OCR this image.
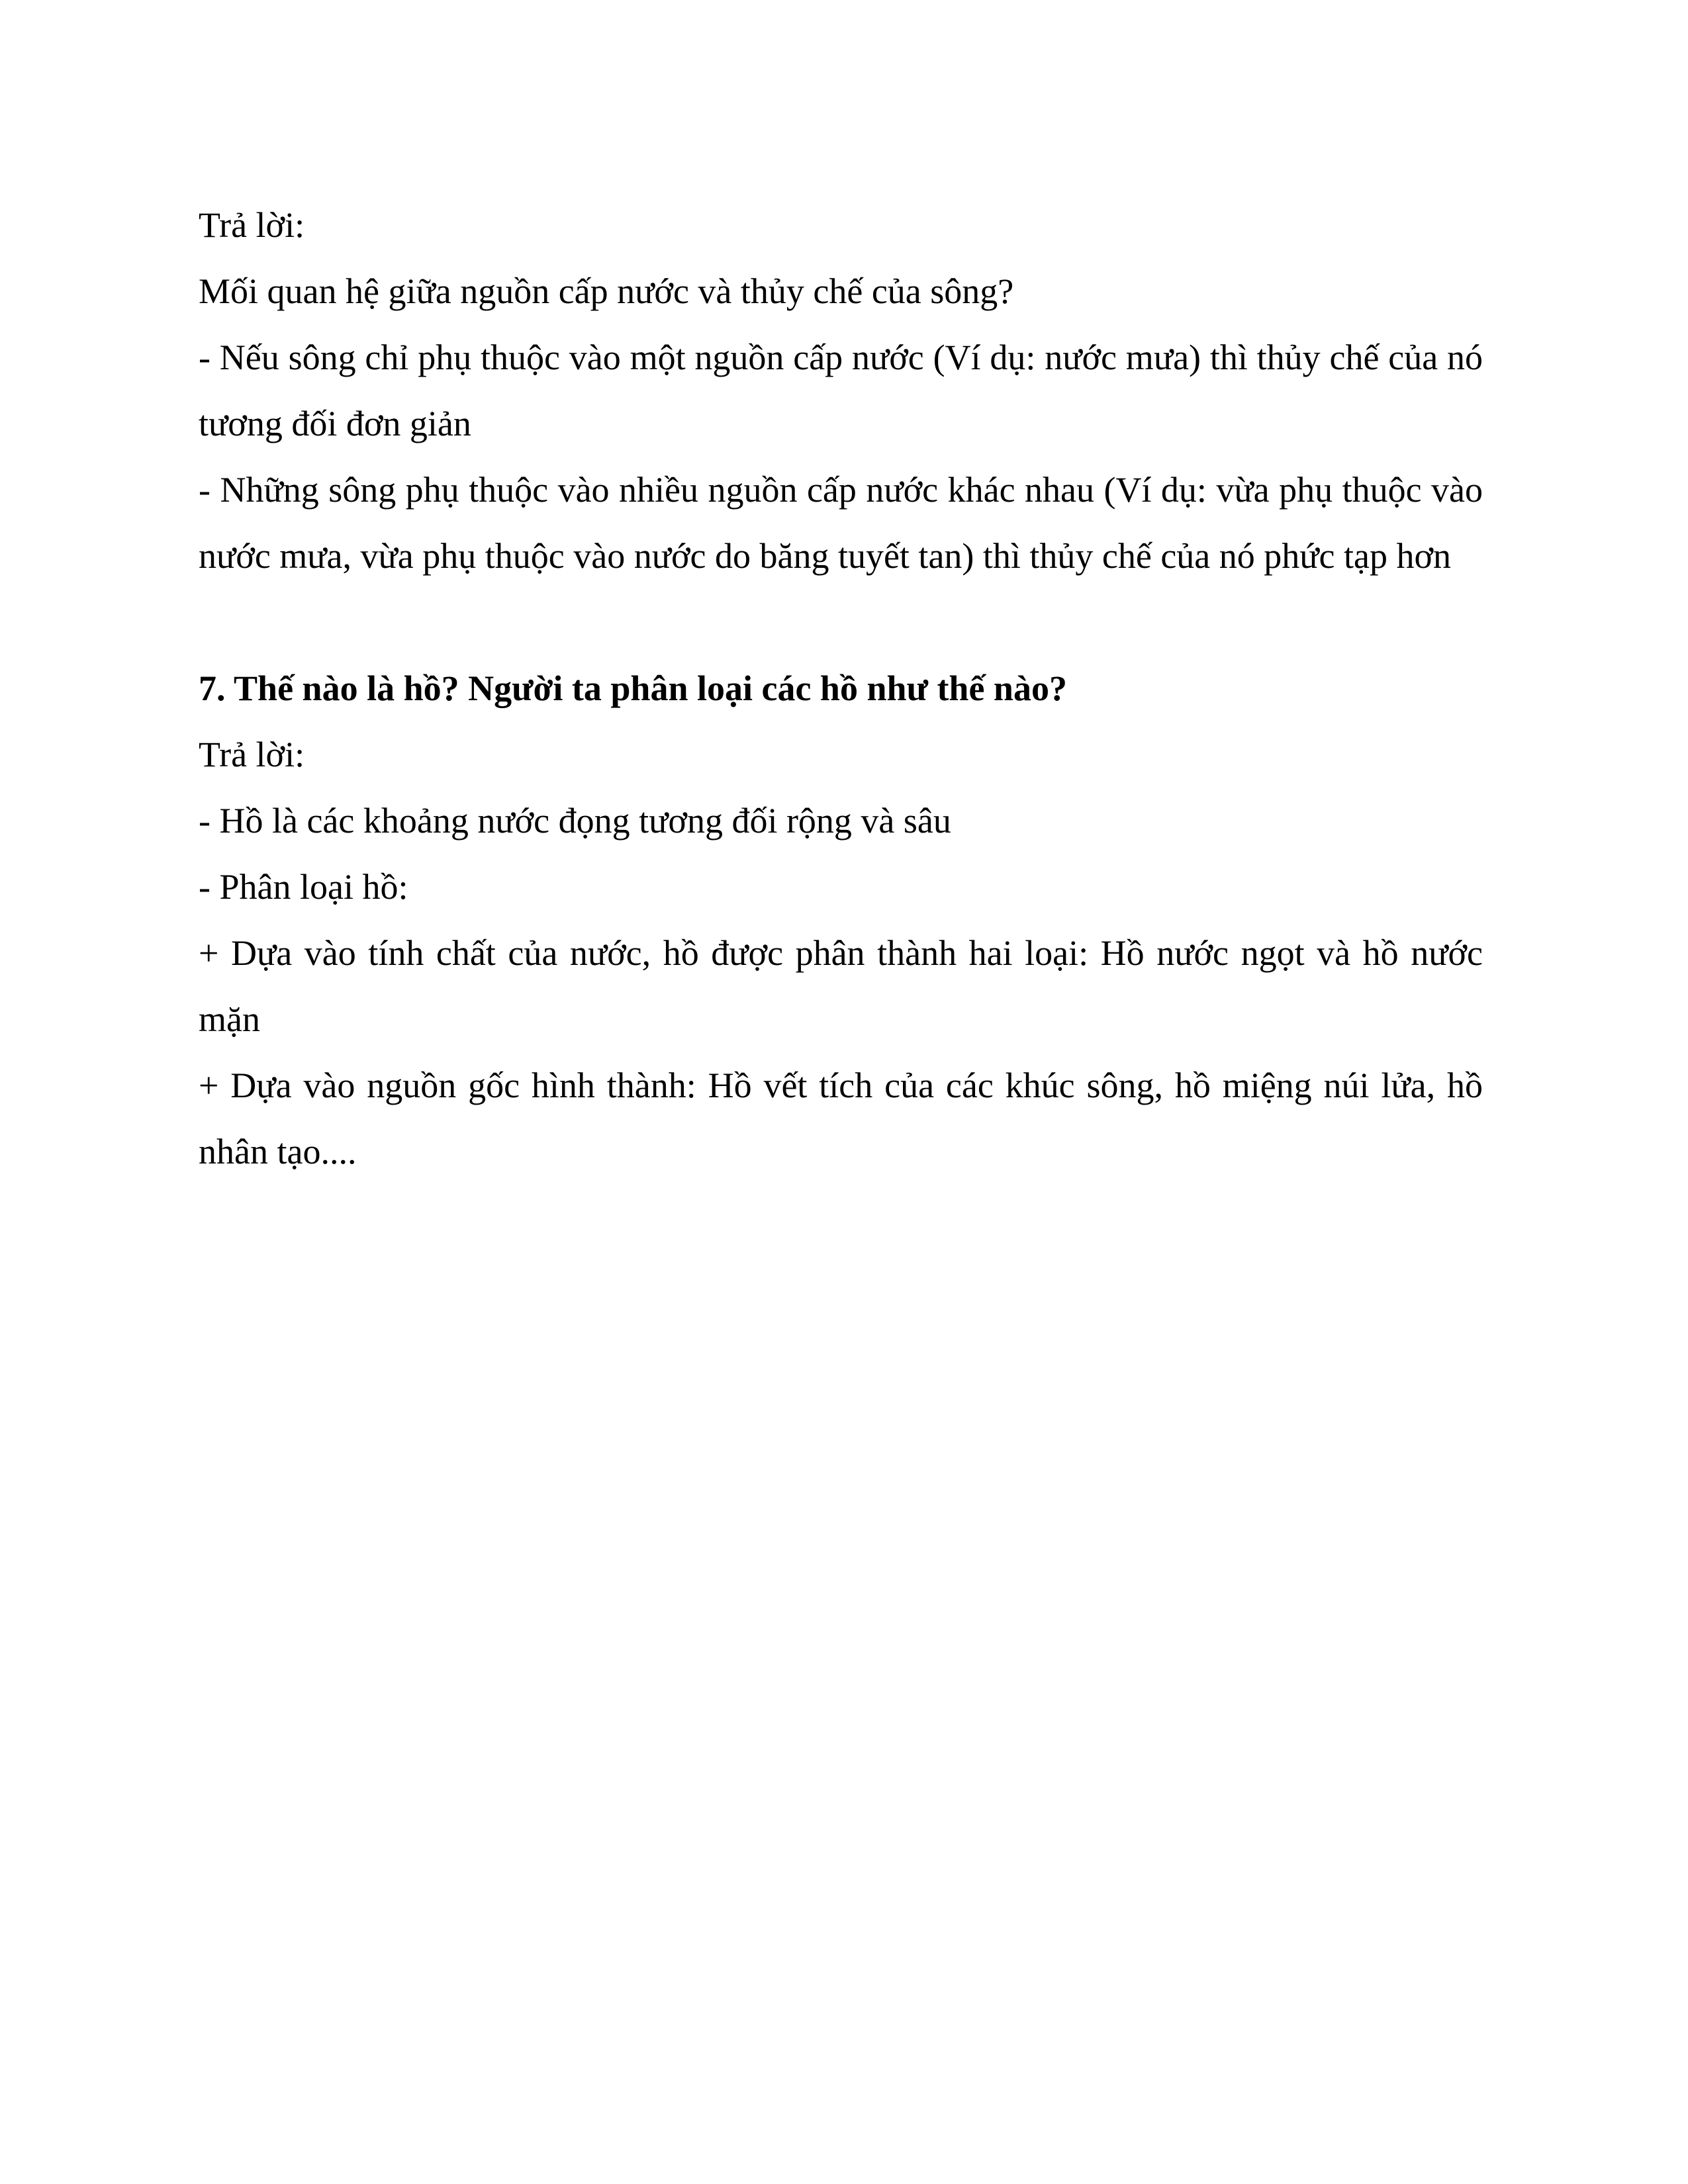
Trả lời:

Mối quan hệ giữa nguồn cấp nước và thủy chế của sông?

- Nếu sông chỉ phụ thuộc vào một nguồn cấp nước (Ví dụ: nước mưa) thì thủy chế của nó tương đối đơn giản

- Những sông phụ thuộc vào nhiều nguồn cấp nước khác nhau (Ví dụ: vừa phụ thuộc vào nước mưa, vừa phụ thuộc vào nước do băng tuyết tan) thì thủy chế của nó phức tạp hơn

7. Thế nào là hồ? Người ta phân loại các hồ như thế nào?

Trả lời:

- Hồ là các khoảng nước đọng tương đối rộng và sâu

- Phân loại hồ:

+ Dựa vào tính chất của nước, hồ được phân thành hai loại: Hồ nước ngọt và hồ nước mặn

+ Dựa vào nguồn gốc hình thành: Hồ vết tích của các khúc sông, hồ miệng núi lửa, hồ nhân tạo....
